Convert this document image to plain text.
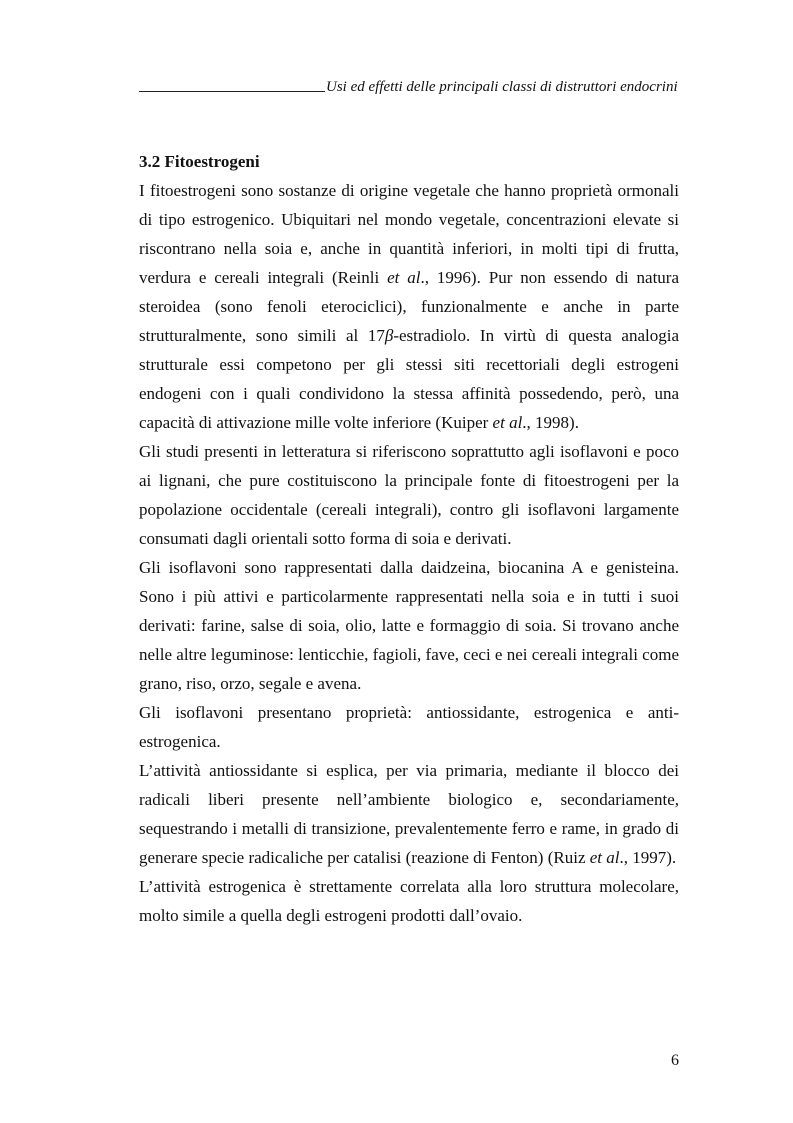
Usi ed effetti delle principali classi di distruttori endocrini
3.2 Fitoestrogeni

I fitoestrogeni sono sostanze di origine vegetale che hanno proprietà ormonali di tipo estrogenico. Ubiquitari nel mondo vegetale, concentrazioni elevate si riscontrano nella soia e, anche in quantità inferiori, in molti tipi di frutta, verdura e cereali integrali (Reinli et al., 1996). Pur non essendo di natura steroidea (sono fenoli eterociclici), funzionalmente e anche in parte strutturalmente, sono simili al 17β-estradiolo. In virtù di questa analogia strutturale essi competono per gli stessi siti recettoriali degli estrogeni endogeni con i quali condividono la stessa affinità possedendo, però, una capacità di attivazione mille volte inferiore (Kuiper et al., 1998).

Gli studi presenti in letteratura si riferiscono soprattutto agli isoflavoni e poco ai lignani, che pure costituiscono la principale fonte di fitoestrogeni per la popolazione occidentale (cereali integrali), contro gli isoflavoni largamente consumati dagli orientali sotto forma di soia e derivati.

Gli isoflavoni sono rappresentati dalla daidzeina, biocanina A e genisteina. Sono i più attivi e particolarmente rappresentati nella soia e in tutti i suoi derivati: farine, salse di soia, olio, latte e formaggio di soia. Si trovano anche nelle altre leguminose: lenticchie, fagioli, fave, ceci e nei cereali integrali come grano, riso, orzo, segale e avena.

Gli isoflavoni presentano proprietà: antiossidante, estrogenica e anti-estrogenica.

L’attività antiossidante si esplica, per via primaria, mediante il blocco dei radicali liberi presente nell’ambiente biologico e, secondariamente, sequestrando i metalli di transizione, prevalentemente ferro e rame, in grado di generare specie radicaliche per catalisi (reazione di Fenton) (Ruiz et al., 1997).

L’attività estrogenica è strettamente correlata alla loro struttura molecolare, molto simile a quella degli estrogeni prodotti dall’ovaio.

6
